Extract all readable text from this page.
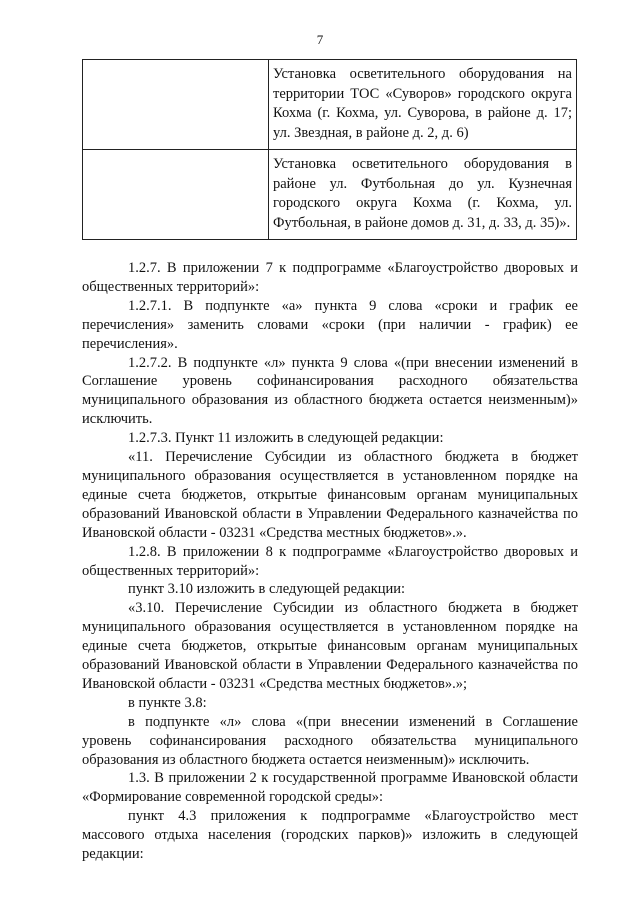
7
	Установка осветительного оборудования на территории ТОС «Суворов» городского округа Кохма (г. Кохма, ул. Суворова, в районе д. 17; ул. Звездная, в районе д. 2, д. 6)
	Установка осветительного оборудования в районе ул. Футбольная до ул. Кузнечная городского округа Кохма (г. Кохма, ул. Футбольная, в районе домов д. 31, д. 33, д. 35)».

1.2.7. В приложении 7 к подпрограмме «Благоустройство дворовых и общественных территорий»:

1.2.7.1. В подпункте «а» пункта 9 слова «сроки и график ее перечисления» заменить словами «сроки (при наличии - график) ее перечисления».

1.2.7.2. В подпункте «л» пункта 9 слова «(при внесении изменений в Соглашение уровень софинансирования расходного обязательства муниципального образования из областного бюджета остается неизменным)» исключить.

1.2.7.3. Пункт 11 изложить в следующей редакции:

«11. Перечисление Субсидии из областного бюджета в бюджет муниципального образования осуществляется в установленном порядке на единые счета бюджетов, открытые финансовым органам муниципальных образований Ивановской области в Управлении Федерального казначейства по Ивановской области - 03231 «Средства местных бюджетов».».

1.2.8. В приложении 8 к подпрограмме «Благоустройство дворовых и общественных территорий»:

пункт 3.10 изложить в следующей редакции:

«3.10. Перечисление Субсидии из областного бюджета в бюджет муниципального образования осуществляется в установленном порядке на единые счета бюджетов, открытые финансовым органам муниципальных образований Ивановской области в Управлении Федерального казначейства по Ивановской области - 03231 «Средства местных бюджетов».»;

в пункте 3.8:

в подпункте «л» слова «(при внесении изменений в Соглашение уровень софинансирования расходного обязательства муниципального образования из областного бюджета остается неизменным)» исключить.

1.3. В приложении 2 к государственной программе Ивановской области «Формирование современной городской среды»:

пункт 4.3 приложения к подпрограмме «Благоустройство мест массового отдыха населения (городских парков)» изложить в следующей редакции:
